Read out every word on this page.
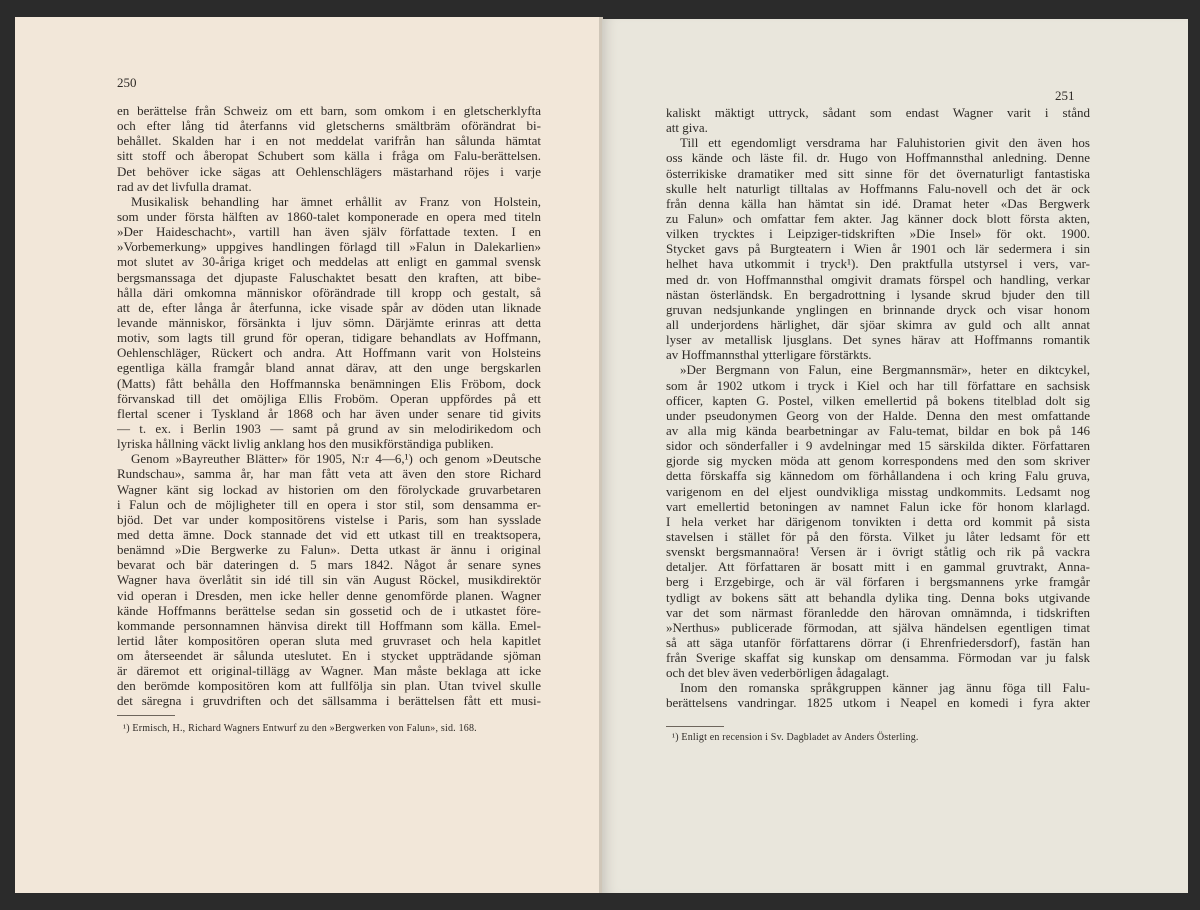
250
en berättelse från Schweiz om ett barn, som omkom i en gletscherklyfta
och efter lång tid återfanns vid gletscherns smältbräm oförändrat bi-
behållet. Skalden har i en not meddelat varifrån han sålunda hämtat
sitt stoff och åberopat Schubert som källa i fråga om Falu-berättelsen.
Det behöver icke sägas att Oehlenschlägers mästarhand röjes i varje
rad av det livfulla dramat.
Musikalisk behandling har ämnet erhållit av Franz von Holstein,
som under första hälften av 1860-talet komponerade en opera med titeln
»Der Haideschacht», vartill han även själv författade texten. I en
»Vorbemerkung» uppgives handlingen förlagd till »Falun in Dalekarlien»
mot slutet av 30-åriga kriget och meddelas att enligt en gammal svensk
bergsmanssaga det djupaste Faluschaktet besatt den kraften, att bibe-
hålla däri omkomna människor oförändrade till kropp och gestalt, så
att de, efter långa år återfunna, icke visade spår av döden utan liknade
levande människor, försänkta i ljuv sömn. Därjämte erinras att detta
motiv, som lagts till grund för operan, tidigare behandlats av Hoffmann,
Oehlenschläger, Rückert och andra. Att Hoffmann varit von Holsteins
egentliga källa framgår bland annat därav, att den unge bergskarlen
(Matts) fått behålla den Hoffmannska benämningen Elis Fröbom, dock
förvanskad till det omöjliga Ellis Froböm. Operan uppfördes på ett
flertal scener i Tyskland år 1868 och har även under senare tid givits
— t. ex. i Berlin 1903 — samt på grund av sin melodirikedom och
lyriska hållning väckt livlig anklang hos den musikförständiga publiken.
Genom »Bayreuther Blätter» för 1905, N:r 4—6,¹) och genom »Deutsche
Rundschau», samma år, har man fått veta att även den store Richard
Wagner känt sig lockad av historien om den förolyckade gruvarbetaren
i Falun och de möjligheter till en opera i stor stil, som densamma er-
bjöd. Det var under kompositörens vistelse i Paris, som han sysslade
med detta ämne. Dock stannade det vid ett utkast till en treaktsopera,
benämnd »Die Bergwerke zu Falun». Detta utkast är ännu i original
bevarat och bär dateringen d. 5 mars 1842. Något år senare synes
Wagner hava överlåtit sin idé till sin vän August Röckel, musikdirektör
vid operan i Dresden, men icke heller denne genomförde planen. Wagner
kände Hoffmanns berättelse sedan sin gossetid och de i utkastet före-
kommande personnamnen hänvisa direkt till Hoffmann som källa. Emel-
lertid låter kompositören operan sluta med gruvraset och hela kapitlet
om återseendet är sålunda uteslutet. En i stycket uppträdande sjöman
är däremot ett original-tillägg av Wagner. Man måste beklaga att icke
den berömde kompositören kom att fullfölja sin plan. Utan tvivel skulle
det säregna i gruvdriften och det sällsamma i berättelsen fått ett musi-
¹) Ermisch, H., Richard Wagners Entwurf zu den »Bergwerken von Falun», sid. 168.
251
kaliskt mäktigt uttryck, sådant som endast Wagner varit i stånd
att giva.
Till ett egendomligt versdrama har Faluhistorien givit den även hos
oss kände och läste fil. dr. Hugo von Hoffmannsthal anledning. Denne
österrikiske dramatiker med sitt sinne för det övernaturligt fantastiska
skulle helt naturligt tilltalas av Hoffmanns Falu-novell och det är ock
från denna källa han hämtat sin idé. Dramat heter «Das Bergwerk
zu Falun» och omfattar fem akter. Jag känner dock blott första akten,
vilken trycktes i Leipziger-tidskriften »Die Insel» för okt. 1900.
Stycket gavs på Burgteatern i Wien år 1901 och lär sedermera i sin
helhet hava utkommit i tryck¹). Den praktfulla utstyrsel i vers, var-
med dr. von Hoffmannsthal omgivit dramats förspel och handling, verkar
nästan österländsk. En bergadrottning i lysande skrud bjuder den till
gruvan nedsjunkande ynglingen en brinnande dryck och visar honom
all underjordens härlighet, där sjöar skimra av guld och allt annat
lyser av metallisk ljusglans. Det synes härav att Hoffmanns romantik
av Hoffmannsthal ytterligare förstärkts.
»Der Bergmann von Falun, eine Bergmannsmär», heter en diktcykel,
som år 1902 utkom i tryck i Kiel och har till författare en sachsisk
officer, kapten G. Postel, vilken emellertid på bokens titelblad dolt sig
under pseudonymen Georg von der Halde. Denna den mest omfattande
av alla mig kända bearbetningar av Falu-temat, bildar en bok på 146
sidor och sönderfaller i 9 avdelningar med 15 särskilda dikter. Författaren
gjorde sig mycken möda att genom korrespondens med den som skriver
detta förskaffa sig kännedom om förhållandena i och kring Falu gruva,
varigenom en del eljest oundvikliga misstag undkommits. Ledsamt nog
vart emellertid betoningen av namnet Falun icke för honom klarlagd.
I hela verket har därigenom tonvikten i detta ord kommit på sista
stavelsen i stället för på den första. Vilket ju låter ledsamt för ett
svenskt bergsmannaöra! Versen är i övrigt ståtlig och rik på vackra
detaljer. Att författaren är bosatt mitt i en gammal gruvtrakt, Anna-
berg i Erzgebirge, och är väl förfaren i bergsmannens yrke framgår
tydligt av bokens sätt att behandla dylika ting. Denna boks utgivande
var det som närmast föranledde den härovan omnämnda, i tidskriften
»Nerthus» publicerade förmodan, att själva händelsen egentligen timat
så att säga utanför författarens dörrar (i Ehrenfriedersdorf), fastän han
från Sverige skaffat sig kunskap om densamma. Förmodan var ju falsk
och det blev även vederbörligen ådagalagt.
Inom den romanska språkgruppen känner jag ännu föga till Falu-
berättelsens vandringar. 1825 utkom i Neapel en komedi i fyra akter
¹) Enligt en recension i Sv. Dagbladet av Anders Österling.
